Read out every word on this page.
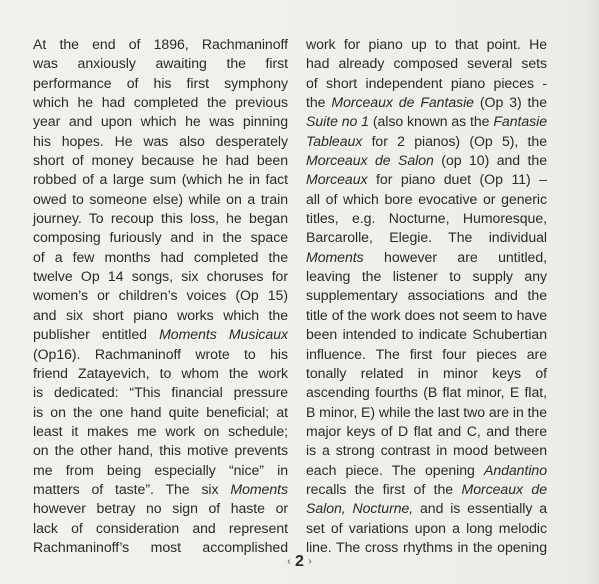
At the end of 1896, Rachmaninoff
was anxiously awaiting the first
performance of his first symphony
which he had completed the previous
year and upon which he was pinning
his hopes. He was also desperately
short of money because he had been
robbed of a large sum (which he in fact
owed to someone else) while on a train
journey. To recoup this loss, he began
composing furiously and in the space
of a few months had completed the
twelve Op 14 songs, six choruses for
women’s or children’s voices (Op 15)
and six short piano works which the
publisher entitled Moments Musicaux
(Op16). Rachmaninoff wrote to his
friend Zatayevich, to whom the work
is dedicated: “This financial pressure
is on the one hand quite beneficial; at
least it makes me work on schedule;
on the other hand, this motive prevents
me from being especially “nice” in
matters of taste”. The six Moments
however betray no sign of haste or
lack of consideration and represent
Rachmaninoff’s most accomplished
work for piano up to that point. He
had already composed several sets
of short independent piano pieces -
the Morceaux de Fantasie (Op 3) the
Suite no 1 (also known as the Fantasie
Tableaux for 2 pianos) (Op 5), the
Morceaux de Salon (op 10) and the
Morceaux for piano duet (Op 11) –
all of which bore evocative or generic
titles, e.g. Nocturne, Humoresque,
Barcarolle, Elegie. The individual
Moments however are untitled,
leaving the listener to supply any
supplementary associations and the
title of the work does not seem to have
been intended to indicate Schubertian
influence. The first four pieces are
tonally related in minor keys of
ascending fourths (B flat minor, E flat,
B minor, E) while the last two are in the
major keys of D flat and C, and there
is a strong contrast in mood between
each piece. The opening Andantino
recalls the first of the Morceaux de
Salon, Nocturne, and is essentially a
set of variations upon a long melodic
line. The cross rhythms in the opening
‹ 2 ›
